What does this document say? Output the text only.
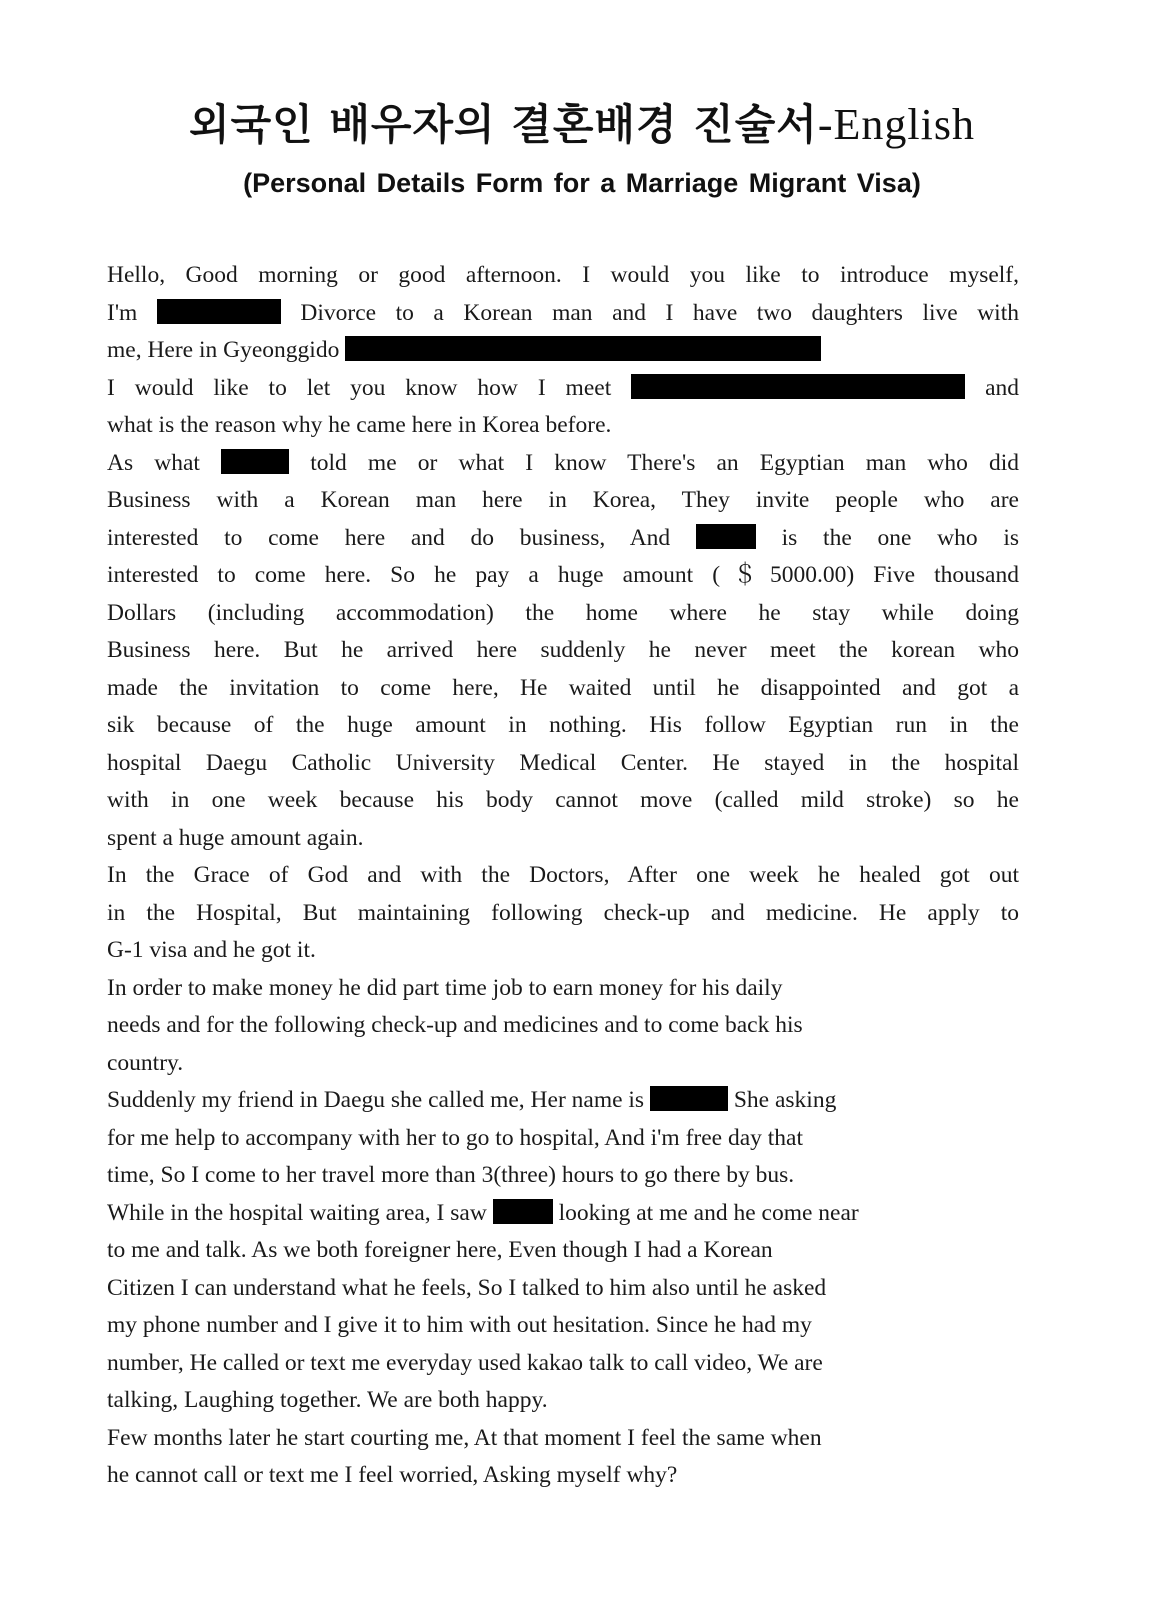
외국인 배우자의 결혼배경 진술서-English
(Personal Details Form for a Marriage Migrant Visa)
Hello, Good morning or good afternoon. I would you like to introduce myself,
I'm	Divorce to a Korean man and I have two daughters live with
me, Here in Gyeonggido
I would like to let you know how I meet	and
what is the reason why he came here in Korea before.
As what	told me or what I know There's an Egyptian man who did
Business with a Korean man here in Korea, They invite people who are
interested to come here and do business, And	is the one who is
interested to come here. So he pay a huge amount (＄5000.00) Five thousand
Dollars (including accommodation) the home where he stay while doing
Business here. But he arrived here suddenly he never meet the korean who
made the invitation to come here, He waited until he disappointed and got a
sik because of the huge amount in nothing. His follow Egyptian run in the
hospital Daegu Catholic University Medical Center. He stayed in the hospital
with in one week because his body cannot move (called mild stroke) so he
spent a huge amount again.
In the Grace of God and with the Doctors, After one week he healed got out
in the Hospital, But maintaining following check-up and medicine. He apply to
G-1 visa and he got it.
In order to make money he did part time job to earn money for his daily
needs and for the following check-up and medicines and to come back his
country.
Suddenly my friend in Daegu she called me, Her name is	She asking
for me help to accompany with her to go to hospital, And i'm free day that
time, So I come to her travel more than 3(three) hours to go there by bus.
While in the hospital waiting area, I saw	looking at me and he come near
to me and talk. As we both foreigner here, Even though I had a Korean
Citizen I can understand what he feels, So I talked to him also until he asked
my phone number and I give it to him with out hesitation. Since he had my
number, He called or text me everyday used kakao talk to call video, We are
talking, Laughing together. We are both happy.
Few months later he start courting me, At that moment I feel the same when
he cannot call or text me I feel worried, Asking myself why?
